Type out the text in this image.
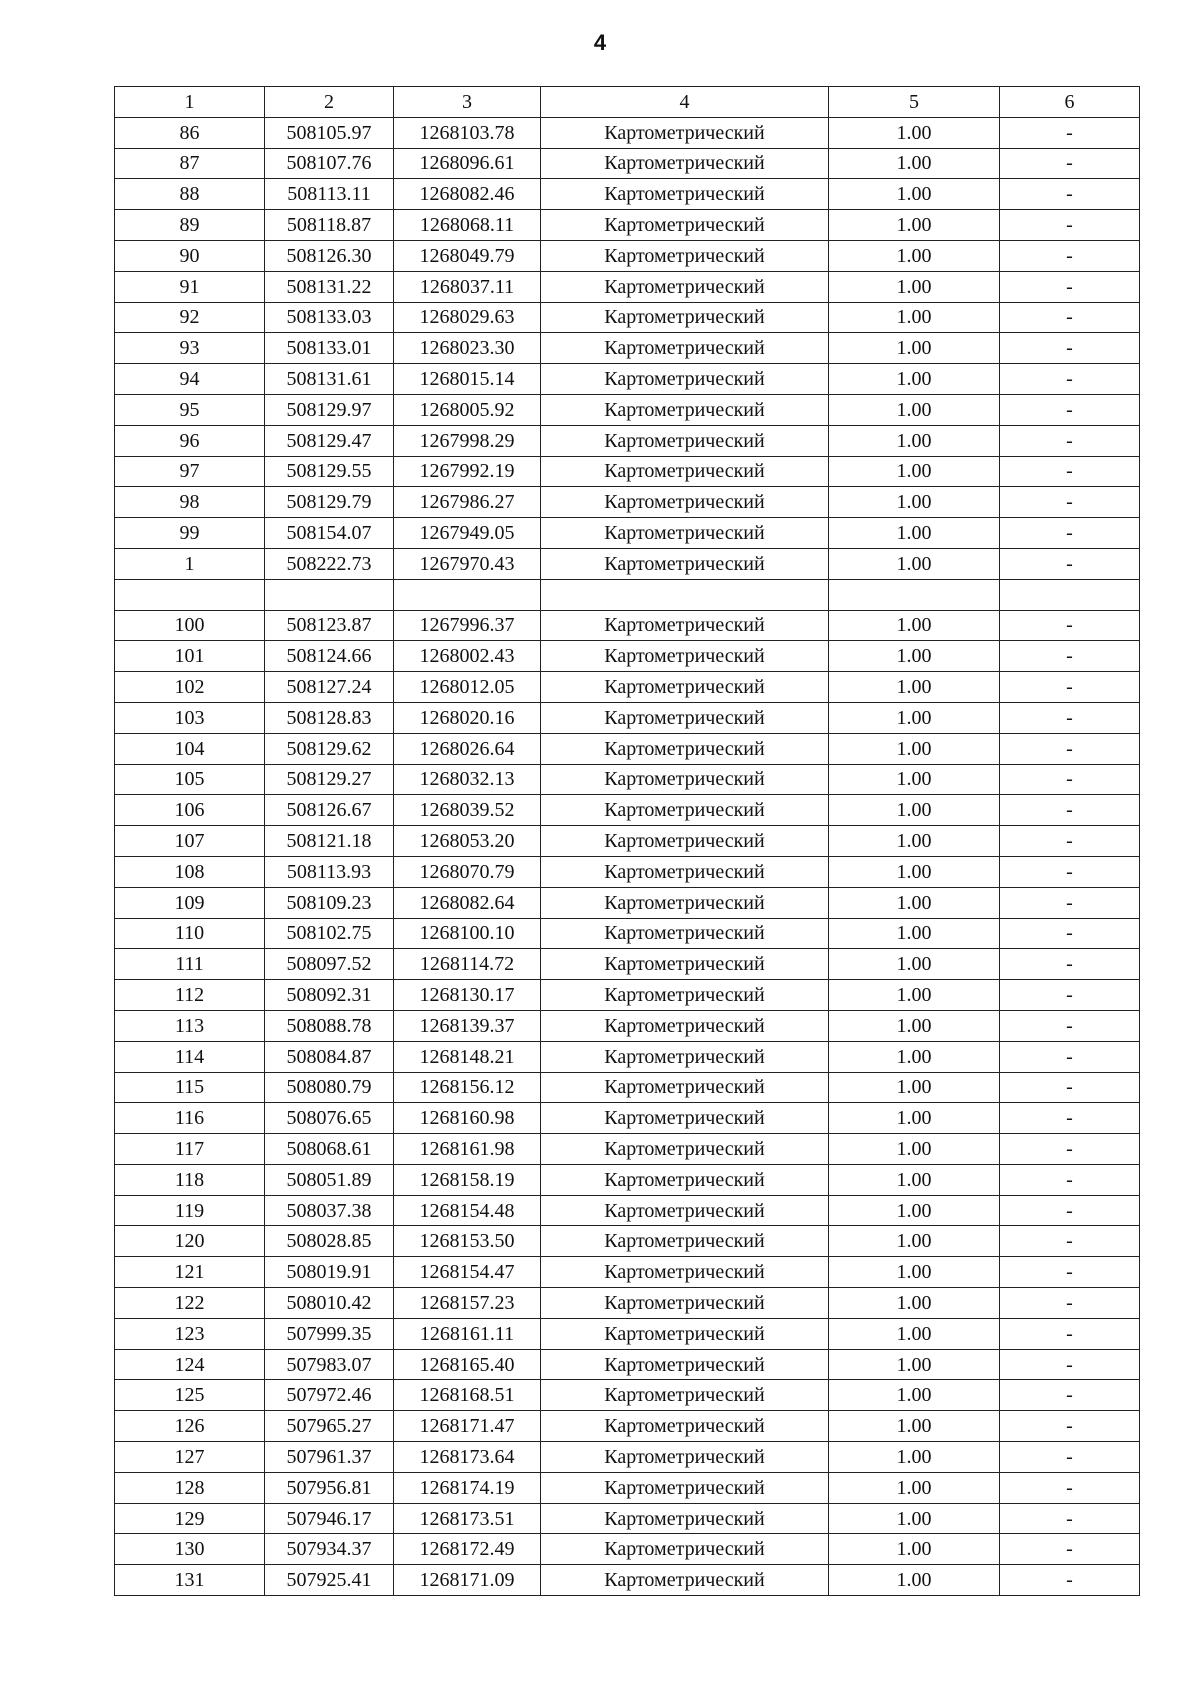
4
1	2	3	4	5	6
86	508105.97	1268103.78	Картометрический	1.00	-
87	508107.76	1268096.61	Картометрический	1.00	-
88	508113.11	1268082.46	Картометрический	1.00	-
89	508118.87	1268068.11	Картометрический	1.00	-
90	508126.30	1268049.79	Картометрический	1.00	-
91	508131.22	1268037.11	Картометрический	1.00	-
92	508133.03	1268029.63	Картометрический	1.00	-
93	508133.01	1268023.30	Картометрический	1.00	-
94	508131.61	1268015.14	Картометрический	1.00	-
95	508129.97	1268005.92	Картометрический	1.00	-
96	508129.47	1267998.29	Картометрический	1.00	-
97	508129.55	1267992.19	Картометрический	1.00	-
98	508129.79	1267986.27	Картометрический	1.00	-
99	508154.07	1267949.05	Картометрический	1.00	-
1	508222.73	1267970.43	Картометрический	1.00	-

100	508123.87	1267996.37	Картометрический	1.00	-
101	508124.66	1268002.43	Картометрический	1.00	-
102	508127.24	1268012.05	Картометрический	1.00	-
103	508128.83	1268020.16	Картометрический	1.00	-
104	508129.62	1268026.64	Картометрический	1.00	-
105	508129.27	1268032.13	Картометрический	1.00	-
106	508126.67	1268039.52	Картометрический	1.00	-
107	508121.18	1268053.20	Картометрический	1.00	-
108	508113.93	1268070.79	Картометрический	1.00	-
109	508109.23	1268082.64	Картометрический	1.00	-
110	508102.75	1268100.10	Картометрический	1.00	-
111	508097.52	1268114.72	Картометрический	1.00	-
112	508092.31	1268130.17	Картометрический	1.00	-
113	508088.78	1268139.37	Картометрический	1.00	-
114	508084.87	1268148.21	Картометрический	1.00	-
115	508080.79	1268156.12	Картометрический	1.00	-
116	508076.65	1268160.98	Картометрический	1.00	-
117	508068.61	1268161.98	Картометрический	1.00	-
118	508051.89	1268158.19	Картометрический	1.00	-
119	508037.38	1268154.48	Картометрический	1.00	-
120	508028.85	1268153.50	Картометрический	1.00	-
121	508019.91	1268154.47	Картометрический	1.00	-
122	508010.42	1268157.23	Картометрический	1.00	-
123	507999.35	1268161.11	Картометрический	1.00	-
124	507983.07	1268165.40	Картометрический	1.00	-
125	507972.46	1268168.51	Картометрический	1.00	-
126	507965.27	1268171.47	Картометрический	1.00	-
127	507961.37	1268173.64	Картометрический	1.00	-
128	507956.81	1268174.19	Картометрический	1.00	-
129	507946.17	1268173.51	Картометрический	1.00	-
130	507934.37	1268172.49	Картометрический	1.00	-
131	507925.41	1268171.09	Картометрический	1.00	-
